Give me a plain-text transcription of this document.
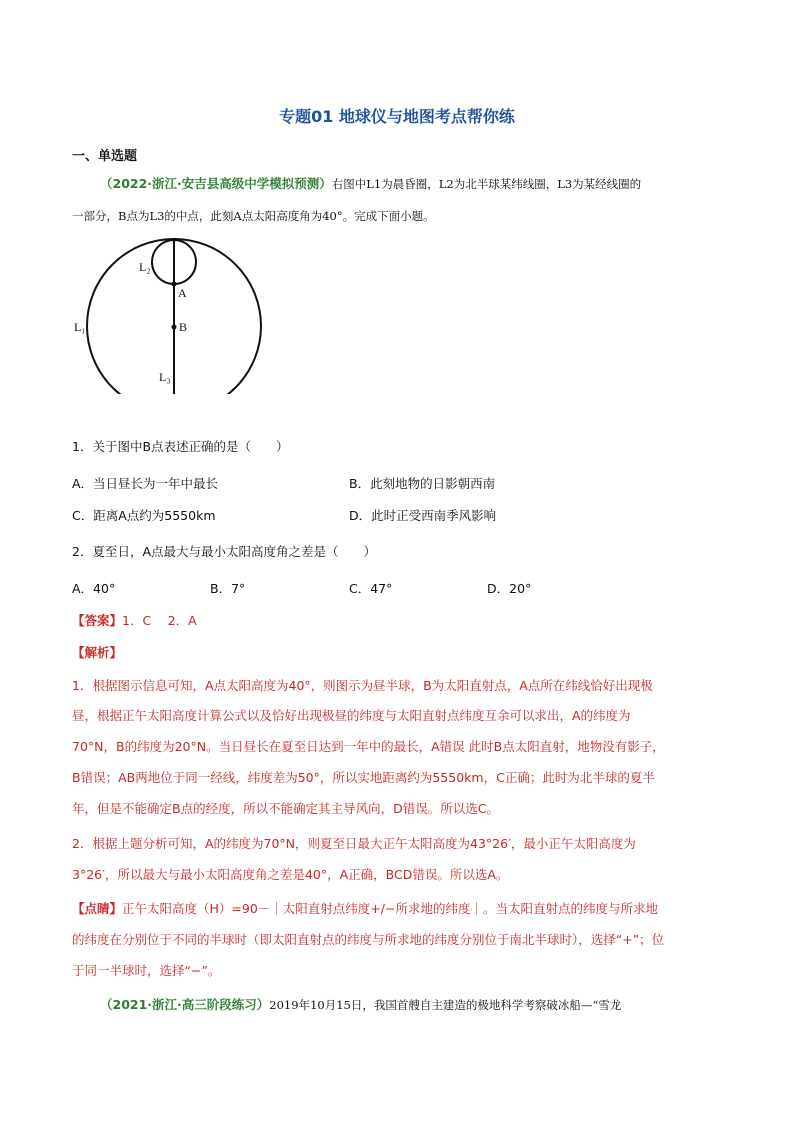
专题01 地球仪与地图考点帮你练
一、单选题
（2022·浙江·安吉县高级中学模拟预测）右图中L1为晨昏圈，L2为北半球某纬线圈，L3为某经线圈的
一部分，B点为L3的中点，此刻A点太阳高度角为40°。完成下面小题。
A
B
L₂
L₁
L₃
1．关于图中B点表述正确的是（　　）
A．当日昼长为一年中最长	B．此刻地物的日影朝西南
C．距离A点约为5550km	D．此时正受西南季风影响
2．夏至日，A点最大与最小太阳高度角之差是（　　）
A．40°	B．7°	C．47°	D．20°
【答案】1．C　 2．A
【解析】
1．根据图示信息可知，A点太阳高度为40°，则图示为昼半球，B为太阳直射点，A点所在纬线恰好出现极
昼，根据正午太阳高度计算公式以及恰好出现极昼的纬度与太阳直射点纬度互余可以求出，A的纬度为
70°N，B的纬度为20°N。当日昼长在夏至日达到一年中的最长，A错误 此时B点太阳直射，地物没有影子，
B错误；AB两地位于同一经线，纬度差为50°，所以实地距离约为5550km，C正确；此时为北半球的夏半
年，但是不能确定B点的经度，所以不能确定其主导风向，D错误。所以选C。
2．根据上题分析可知，A的纬度为70°N，则夏至日最大正午太阳高度为43°26′，最小正午太阳高度为
3°26′，所以最大与最小太阳高度角之差是40°，A正确，BCD错误。所以选A。
【点睛】正午太阳高度（H）=90－｜太阳直射点纬度+/−所求地的纬度｜。当太阳直射点的纬度与所求地
的纬度在分别位于不同的半球时（即太阳直射点的纬度与所求地的纬度分别位于南北半球时），选择“+”；位
于同一半球时，选择“−”。
（2021·浙江·高三阶段练习）2019年10月15日，我国首艘自主建造的极地科学考察破冰船—“雪龙
